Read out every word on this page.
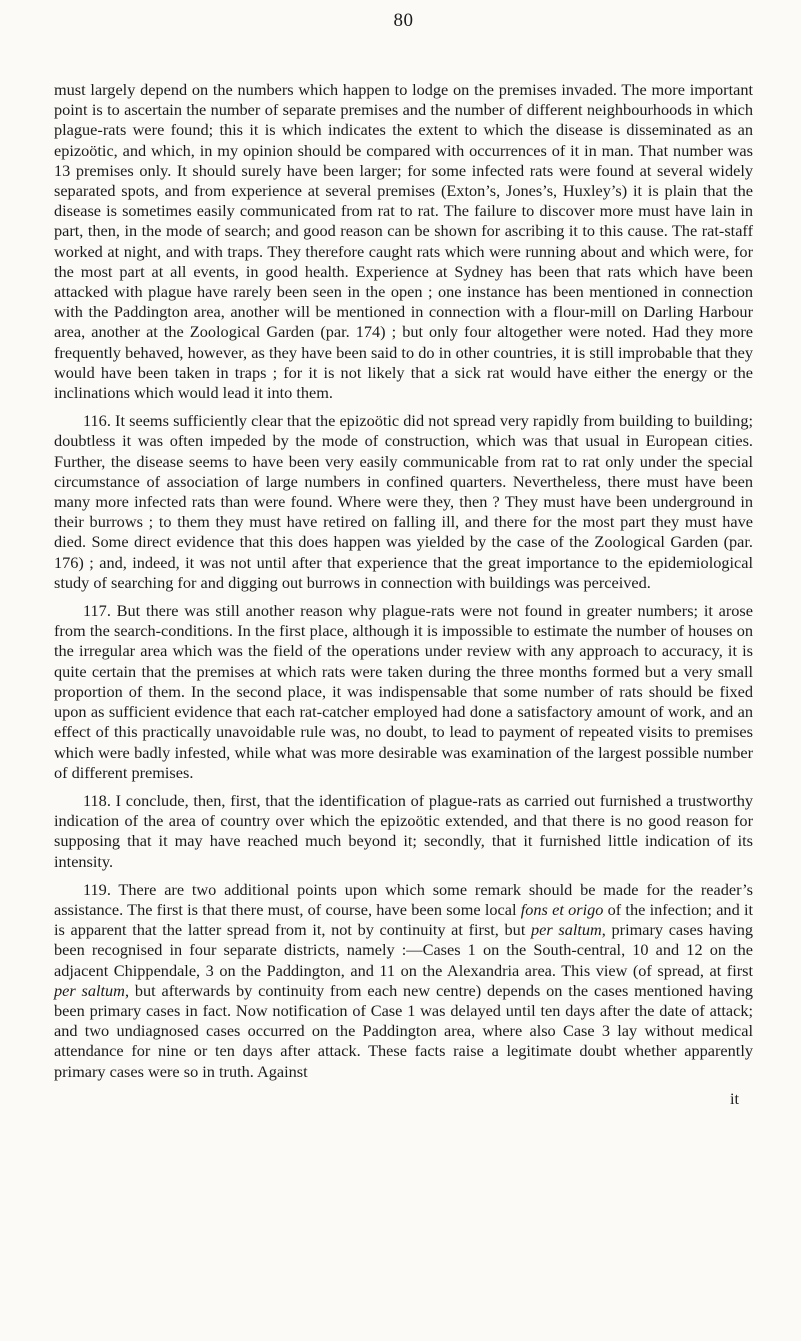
80
must largely depend on the numbers which happen to lodge on the premises invaded. The more important point is to ascertain the number of separate premises and the number of different neighbourhoods in which plague-rats were found; this it is which indicates the extent to which the disease is disseminated as an epizoötic, and which, in my opinion should be compared with occurrences of it in man. That number was 13 premises only. It should surely have been larger; for some infected rats were found at several widely separated spots, and from experience at several premises (Exton’s, Jones’s, Huxley’s) it is plain that the disease is sometimes easily communicated from rat to rat. The failure to discover more must have lain in part, then, in the mode of search; and good reason can be shown for ascribing it to this cause. The rat-staff worked at night, and with traps. They therefore caught rats which were running about and which were, for the most part at all events, in good health. Experience at Sydney has been that rats which have been attacked with plague have rarely been seen in the open ; one instance has been mentioned in connection with the Paddington area, another will be mentioned in connection with a flour-mill on Darling Harbour area, another at the Zoological Garden (par. 174) ; but only four altogether were noted. Had they more frequently behaved, however, as they have been said to do in other countries, it is still improbable that they would have been taken in traps ; for it is not likely that a sick rat would have either the energy or the inclinations which would lead it into them.
116. It seems sufficiently clear that the epizoötic did not spread very rapidly from building to building; doubtless it was often impeded by the mode of construction, which was that usual in European cities. Further, the disease seems to have been very easily communicable from rat to rat only under the special circumstance of association of large numbers in confined quarters. Nevertheless, there must have been many more infected rats than were found. Where were they, then ? They must have been underground in their burrows ; to them they must have retired on falling ill, and there for the most part they must have died. Some direct evidence that this does happen was yielded by the case of the Zoological Garden (par. 176) ; and, indeed, it was not until after that experience that the great importance to the epidemiological study of searching for and digging out burrows in connection with buildings was perceived.
117. But there was still another reason why plague-rats were not found in greater numbers; it arose from the search-conditions. In the first place, although it is impossible to estimate the number of houses on the irregular area which was the field of the operations under review with any approach to accuracy, it is quite certain that the premises at which rats were taken during the three months formed but a very small proportion of them. In the second place, it was indispensable that some number of rats should be fixed upon as sufficient evidence that each rat-catcher employed had done a satisfactory amount of work, and an effect of this practically unavoidable rule was, no doubt, to lead to payment of repeated visits to premises which were badly infested, while what was more desirable was examination of the largest possible number of different premises.
118. I conclude, then, first, that the identification of plague-rats as carried out furnished a trustworthy indication of the area of country over which the epizoötic extended, and that there is no good reason for supposing that it may have reached much beyond it; secondly, that it furnished little indication of its intensity.
119. There are two additional points upon which some remark should be made for the reader’s assistance. The first is that there must, of course, have been some local fons et origo of the infection; and it is apparent that the latter spread from it, not by continuity at first, but per saltum, primary cases having been recognised in four separate districts, namely :—Cases 1 on the South-central, 10 and 12 on the adjacent Chippendale, 3 on the Paddington, and 11 on the Alexandria area. This view (of spread, at first per saltum, but afterwards by continuity from each new centre) depends on the cases mentioned having been primary cases in fact. Now notification of Case 1 was delayed until ten days after the date of attack; and two undiagnosed cases occurred on the Paddington area, where also Case 3 lay without medical attendance for nine or ten days after attack. These facts raise a legitimate doubt whether apparently primary cases were so in truth. Against
it
